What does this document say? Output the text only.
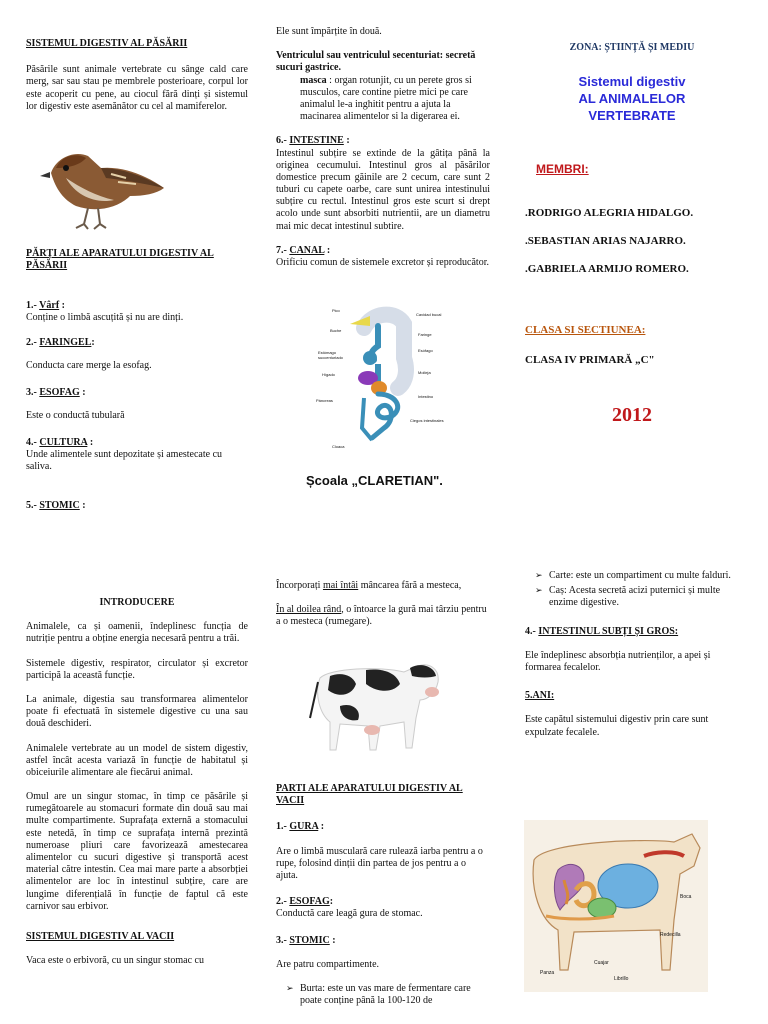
SISTEMUL DIGESTIV AL PĂSĂRII

Păsările sunt animale vertebrate cu sânge cald care merg, sar sau stau pe membrele posterioare, corpul lor este acoperit cu pene, au ciocul fără dinți și sistemul lor digestiv este asemănător cu cel al mamiferelor.

PĂRȚI ALE APARATULUI DIGESTIV AL PĂSĂRII

1.- Vârf :

Conține o limbă ascuțită și nu are dinți.

2.- FARINGEL:

Conducta care merge la esofag.

3.- ESOFAG :

Este o conductă tubulară

4.- CULTURA :

Unde alimentele sunt depozitate și amestecate cu saliva.

5.- STOMIC :

Ele sunt împărțite în două.

Ventriculul sau ventriculul secenturiat: secretă sucuri gastrice.

masca : organ rotunjit, cu un perete gros si musculos, care contine pietre mici pe care animalul le-a inghitit pentru a ajuta la macinarea alimentelor si la digerarea ei.

6.- INTESTINE :

Intestinul subțire se extinde de la gâtița până la originea cecumului. Intestinul gros al păsărilor domestice precum găinile are 2 cecum, care sunt 2 tuburi cu capete oarbe, care sunt unirea intestinului subțire cu rectul. Intestinul gros este scurt si drept acolo unde sunt absorbiti nutrientii, are un diametru mai mic decat intestinul subtire.

7.- CANAL :

Orificiu comun de sistemele excretor și reproducător.

Pico
Cavidad bucal
Buche
Faringe
Estómago succenturiado
Esófago
Hígado	Molleja
Páncreas
Intestino
Ciegos intestinales
Cloaca
Școala „CLARETIAN".
ZONA: ȘTIINȚĂ ȘI MEDIU
Sistemul digestiv
AL ANIMALELOR
VERTEBRATE
MEMBRI:

.RODRIGO ALEGRIA HIDALGO.

.SEBASTIAN ARIAS NAJARRO.

.GABRIELA ARMIJO ROMERO.

CLASA SI SECTIUNEA:
CLASA IV PRIMARĂ „C"
2012

INTRODUCERE

Animalele, ca și oamenii, îndeplinesc funcția de nutriție pentru a obține energia necesară pentru a trăi.

Sistemele digestiv, respirator, circulator și excretor participă la această funcție.

La animale, digestia sau transformarea alimentelor poate fi efectuată în sistemele digestive cu una sau două deschideri.

Animalele vertebrate au un model de sistem digestiv, astfel încât acesta variază în funcție de habitatul și obiceiurile alimentare ale fiecărui animal.

Omul are un singur stomac, în timp ce păsările și rumegătoarele au stomacuri formate din două sau mai multe compartimente. Suprafața externă a stomacului este netedă, în timp ce suprafața internă prezintă numeroase pliuri care favorizează amestecarea alimentelor cu sucuri digestive și transportă acest material către intestin. Cea mai mare parte a absorbției alimentelor are loc în intestinul subțire, care are lungime diferențială în funcție de faptul că este carnivor sau erbivor.

SISTEMUL DIGESTIV AL VACII

Vaca este o erbivoră, cu un singur stomac cu

Încorporați mai întâi mâncarea fără a mesteca,

În al doilea rând, o întoarce la gură mai târziu pentru a o mesteca (rumegare).

PARTI ALE APARATULUI DIGESTIV AL VACII

1.- GURA :

Are o limbă musculară care rulează iarba pentru a o rupe, folosind dinții din partea de jos pentru a o ajuta.

2.- ESOFAG:

Conductă care leagă gura de stomac.

3.- STOMIC :

Are patru compartimente.

➢ Burta: este un vas mare de fermentare care poate conține până la 100-120 de
➢ Carte: este un compartiment cu multe falduri.
➢ Caș: Acesta secretă acizi puternici și multe enzime digestive.

4.- INTESTINUL SUBȚI ȘI GROS:

Ele îndeplinesc absorbția nutrienților, a apei și formarea fecalelor.

5.ANI:

Este capătul sistemului digestiv prin care sunt expulzate fecalele.

Boca
Redecilla
Cuajar
Librillo
Panza
